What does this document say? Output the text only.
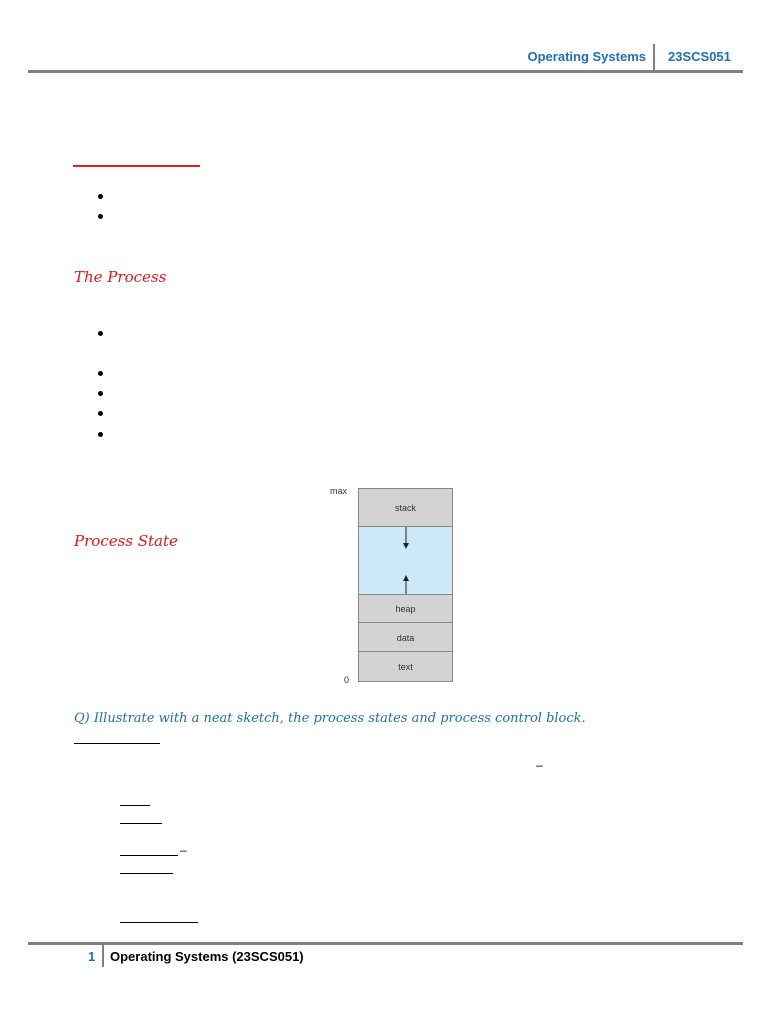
Operating Systems 23SCS051
The Process
Process State
max
0
stack
heap
data
text
Q) Illustrate with a neat sketch, the process states and process control block.
–
–
1 Operating Systems (23SCS051)
